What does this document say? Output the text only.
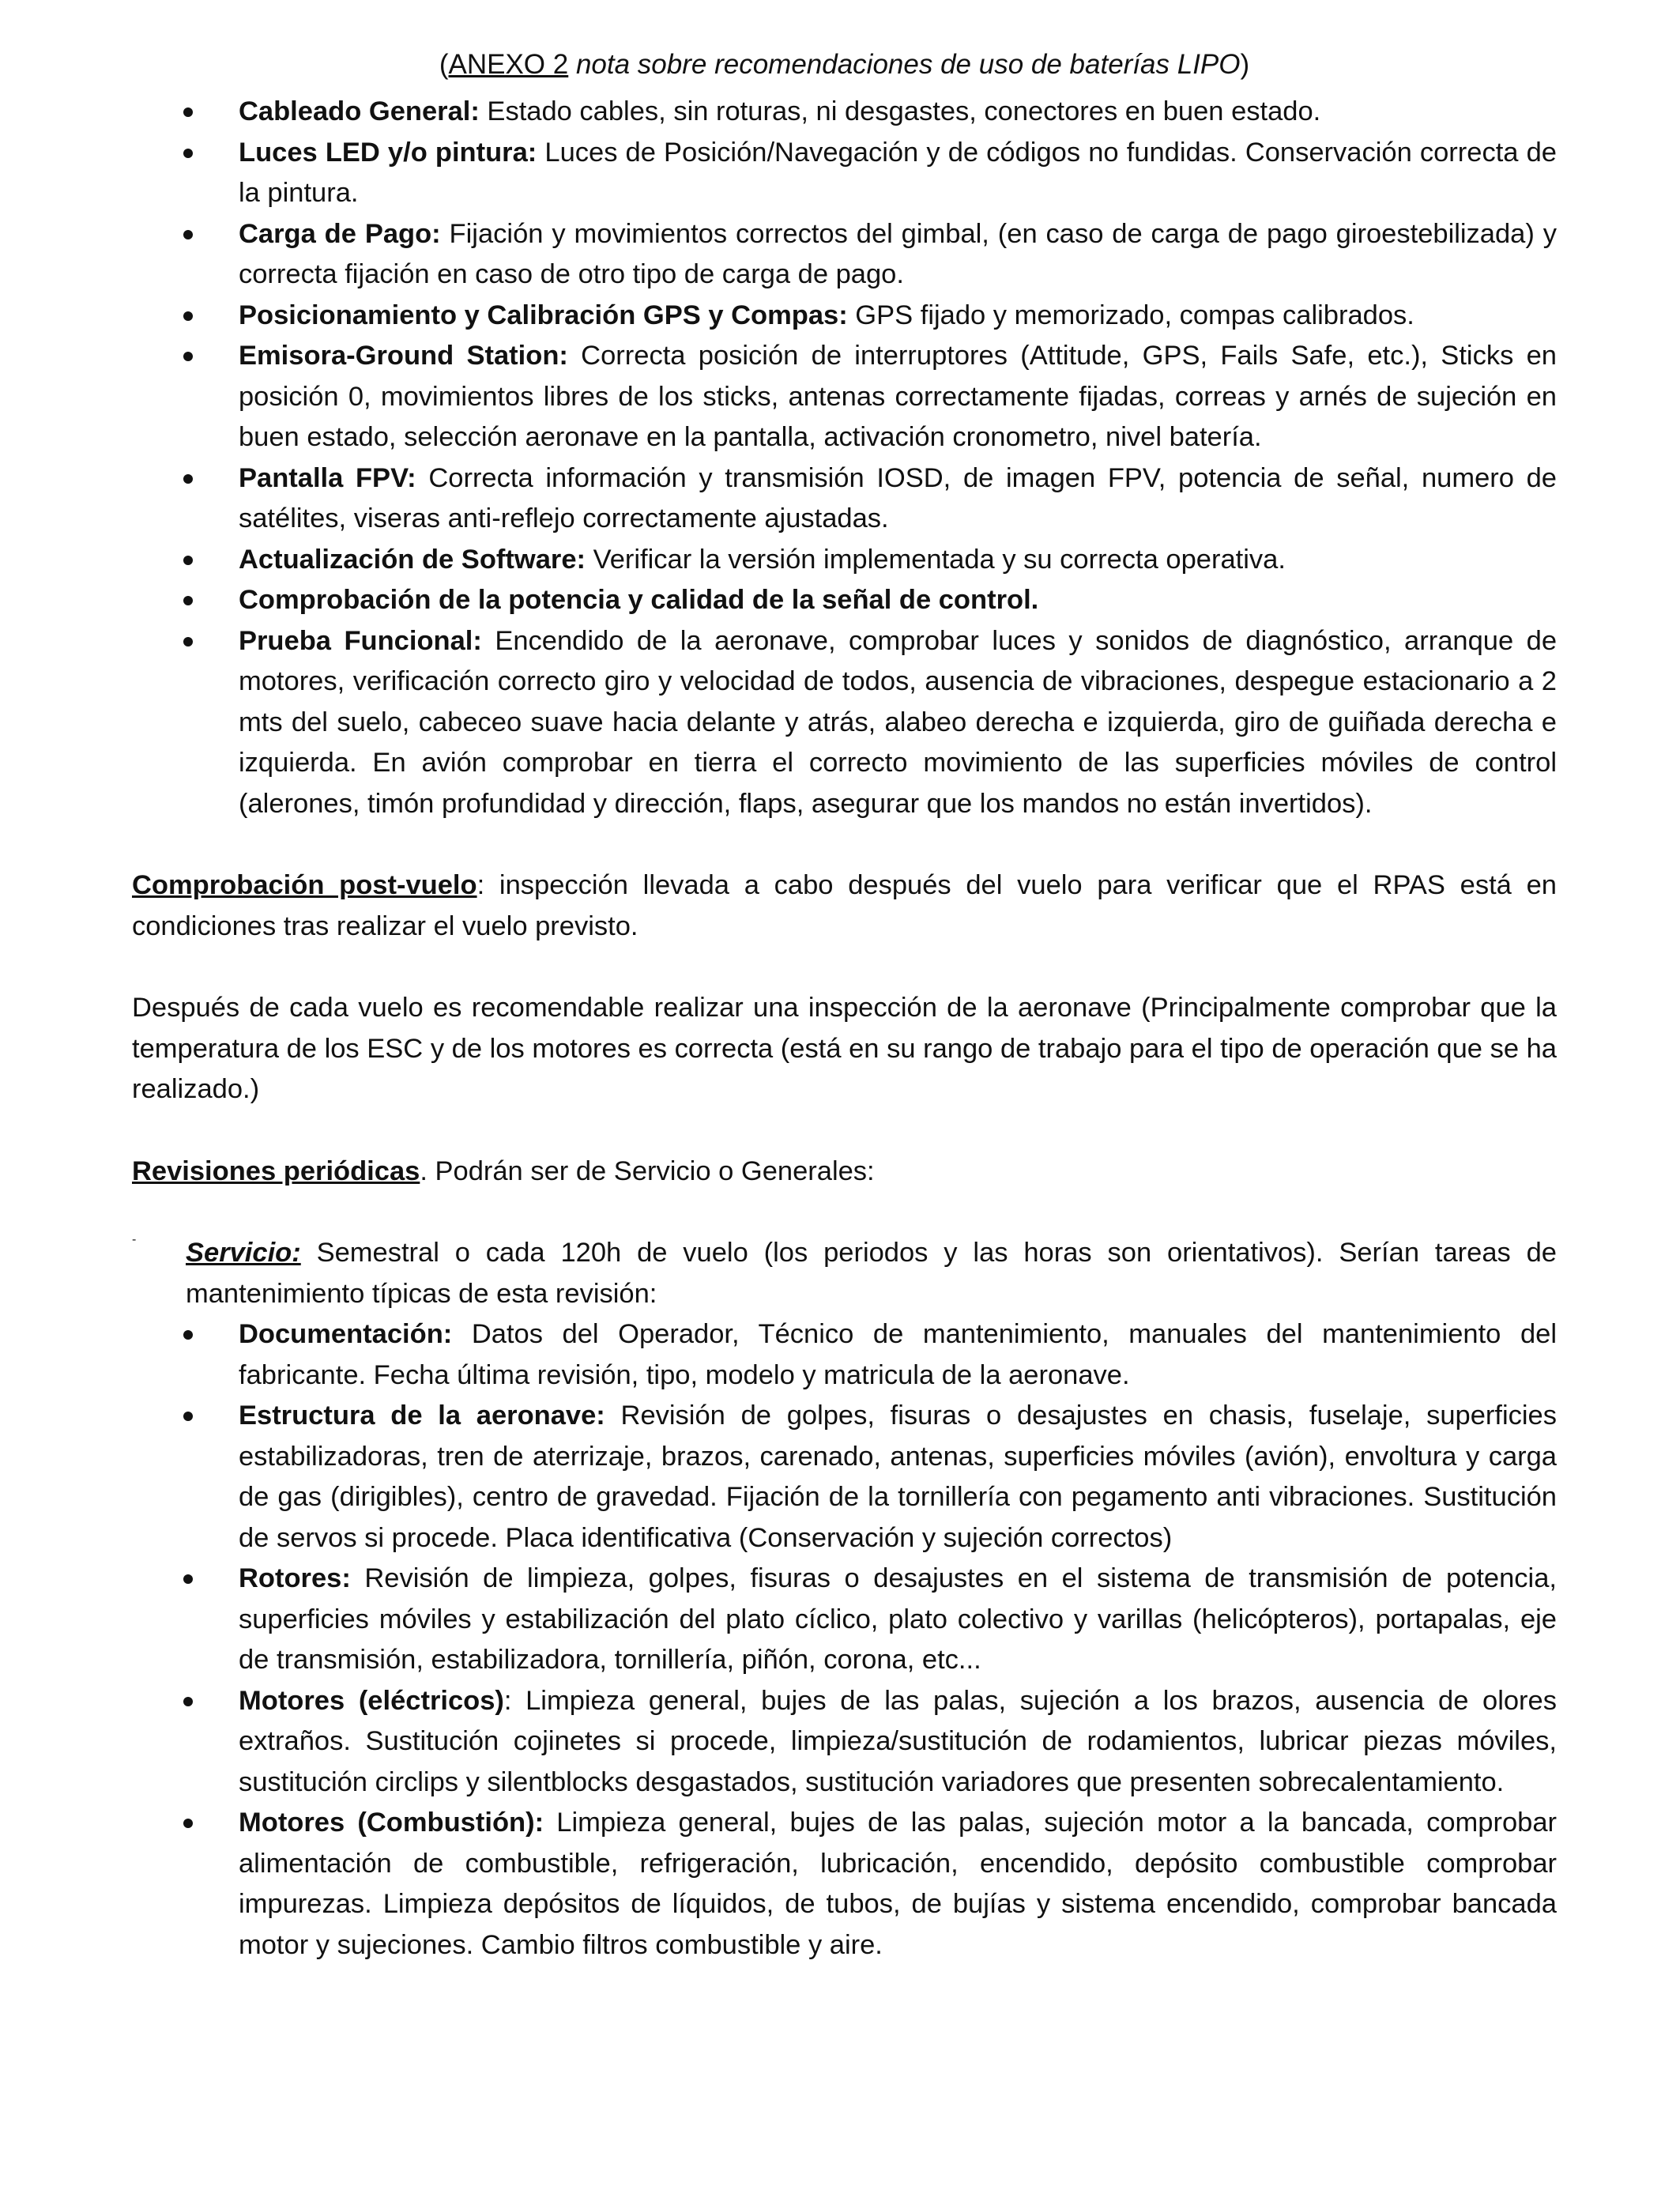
(ANEXO 2 nota sobre recomendaciones de uso de baterías LIPO)
Cableado General: Estado cables, sin roturas, ni desgastes, conectores en buen estado.
Luces LED y/o pintura: Luces de Posición/Navegación y de códigos no fundidas. Conservación correcta de la pintura.
Carga de Pago: Fijación y movimientos correctos del gimbal, (en caso de carga de pago giroestebilizada) y correcta fijación en caso de otro tipo de carga de pago.
Posicionamiento y Calibración GPS y Compas: GPS fijado y memorizado, compas calibrados.
Emisora-Ground Station: Correcta posición de interruptores (Attitude, GPS, Fails Safe, etc.), Sticks en posición 0, movimientos libres de los sticks, antenas correctamente fijadas, correas y arnés de sujeción en buen estado, selección aeronave en la pantalla, activación cronometro, nivel batería.
Pantalla FPV: Correcta información y transmisión IOSD, de imagen FPV, potencia de señal, numero de satélites, viseras anti-reflejo correctamente ajustadas.
Actualización de Software: Verificar la versión implementada y su correcta operativa.
Comprobación de la potencia y calidad de la señal de control.
Prueba Funcional: Encendido de la aeronave, comprobar luces y sonidos de diagnóstico, arranque de motores, verificación correcto giro y velocidad de todos, ausencia de vibraciones, despegue estacionario a 2 mts del suelo, cabeceo suave hacia delante y atrás, alabeo derecha e izquierda, giro de guiñada derecha e izquierda. En avión comprobar en tierra el correcto movimiento de las superficies móviles de control (alerones, timón profundidad y dirección, flaps, asegurar que los mandos no están invertidos).

Comprobación post-vuelo: inspección llevada a cabo después del vuelo para verificar que el RPAS está en condiciones tras realizar el vuelo previsto.

Después de cada vuelo es recomendable realizar una inspección de la aeronave (Principalmente comprobar que la temperatura de los ESC y de los motores es correcta (está en su rango de trabajo para el tipo de operación que se ha realizado.)

Revisiones periódicas. Podrán ser de Servicio o Generales:

- Servicio: Semestral o cada 120h de vuelo (los periodos y las horas son orientativos). Serían tareas de mantenimiento típicas de esta revisión:

Documentación: Datos del Operador, Técnico de mantenimiento, manuales del mantenimiento del fabricante. Fecha última revisión, tipo, modelo y matricula de la aeronave.
Estructura de la aeronave: Revisión de golpes, fisuras o desajustes en chasis, fuselaje, superficies estabilizadoras, tren de aterrizaje, brazos, carenado, antenas, superficies móviles (avión), envoltura y carga de gas (dirigibles), centro de gravedad. Fijación de la tornillería con pegamento anti vibraciones. Sustitución de servos si procede. Placa identificativa (Conservación y sujeción correctos)
Rotores: Revisión de limpieza, golpes, fisuras o desajustes en el sistema de transmisión de potencia, superficies móviles y estabilización del plato cíclico, plato colectivo y varillas (helicópteros), portapalas, eje de transmisión, estabilizadora, tornillería, piñón, corona, etc...
Motores (eléctricos): Limpieza general, bujes de las palas, sujeción a los brazos, ausencia de olores extraños. Sustitución cojinetes si procede, limpieza/sustitución de rodamientos, lubricar piezas móviles, sustitución circlips y silentblocks desgastados, sustitución variadores que presenten sobrecalentamiento.
Motores (Combustión): Limpieza general, bujes de las palas, sujeción motor a la bancada, comprobar alimentación de combustible, refrigeración, lubricación, encendido, depósito combustible comprobar impurezas. Limpieza depósitos de líquidos, de tubos, de bujías y sistema encendido, comprobar bancada motor y sujeciones. Cambio filtros combustible y aire.
